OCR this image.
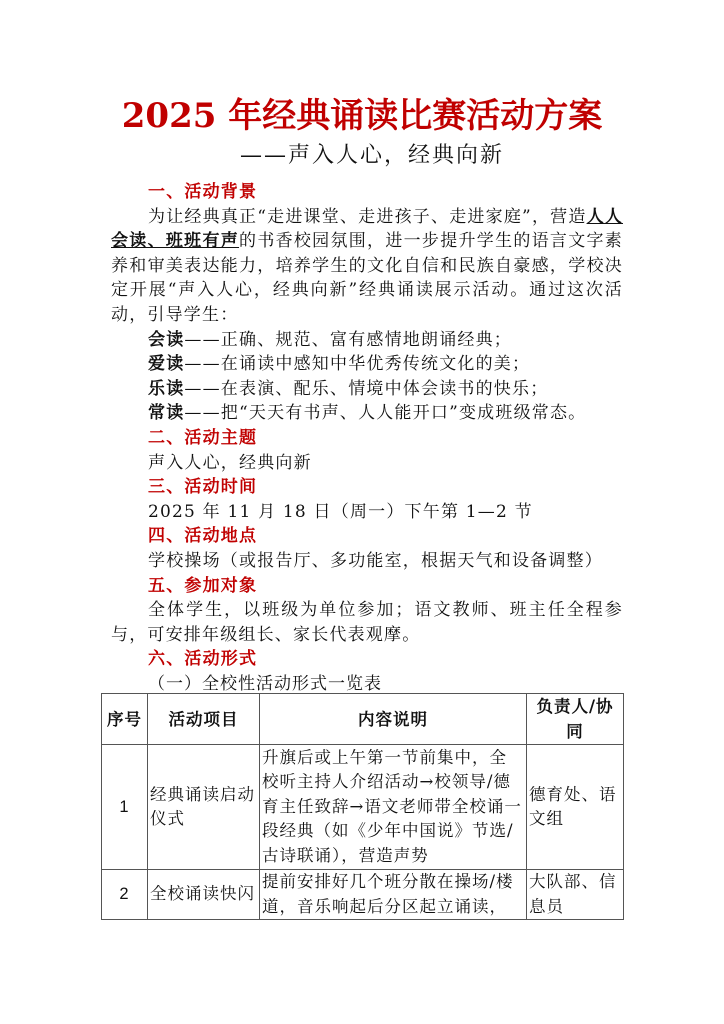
2025 年经典诵读比赛活动方案
——声入人心，经典向新
一、活动背景
为让经典真正“走进课堂、走进孩子、走进家庭”，营造人人会读、班班有声的书香校园氛围，进一步提升学生的语言文字素养和审美表达能力，培养学生的文化自信和民族自豪感，学校决定开展“声入人心，经典向新”经典诵读展示活动。通过这次活动，引导学生：
会读——正确、规范、富有感情地朗诵经典；
爱读——在诵读中感知中华优秀传统文化的美；
乐读——在表演、配乐、情境中体会读书的快乐；
常读——把“天天有书声、人人能开口”变成班级常态。
二、活动主题
声入人心，经典向新
三、活动时间
2025 年 11 月 18 日（周一）下午第 1—2 节
四、活动地点
学校操场（或报告厅、多功能室，根据天气和设备调整）
五、参加对象
全体学生，以班级为单位参加；语文教师、班主任全程参与，可安排年级组长、家长代表观摩。
六、活动形式
（一）全校性活动形式一览表
序号	活动项目	内容说明	负责人/协同
1	经典诵读启动仪式	升旗后或上午第一节前集中，全校听主持人介绍活动→校领导/德育主任致辞→语文老师带全校诵一段经典（如《少年中国说》节选/古诗联诵），营造声势	德育处、语文组
2	全校诵读快闪	提前安排好几个班分散在操场/楼道，音乐响起后分区起立诵读，	大队部、信息员
